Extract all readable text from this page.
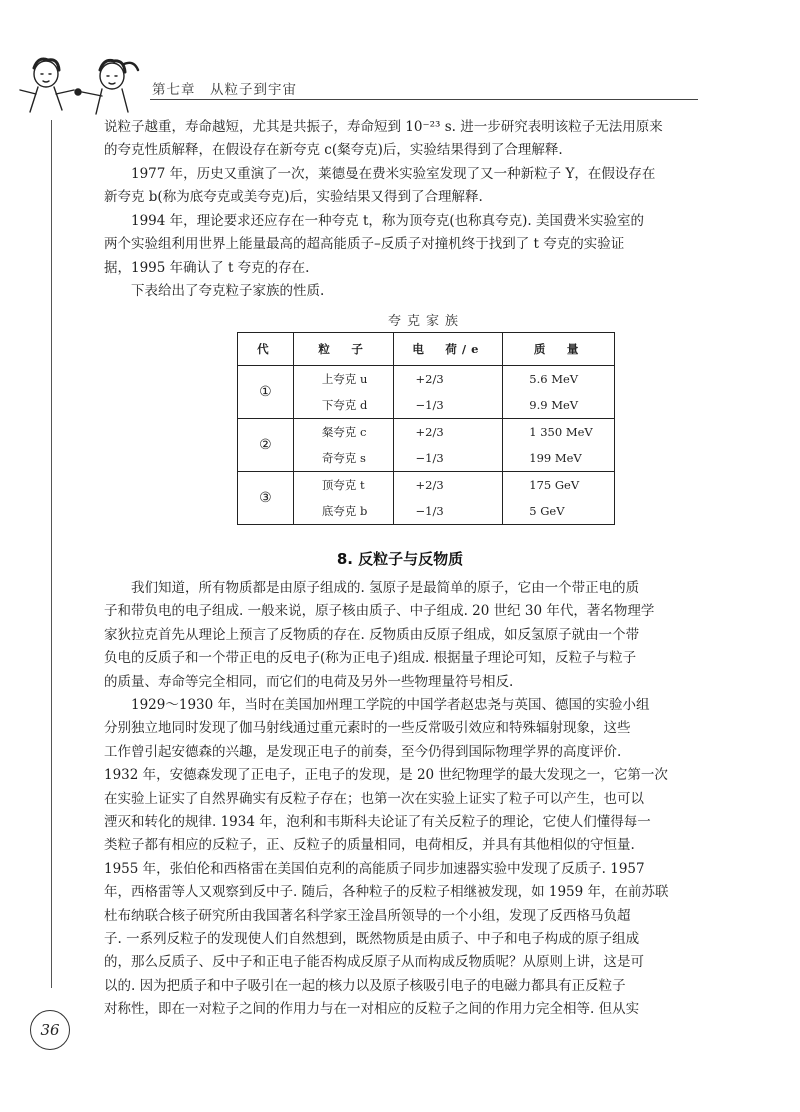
第七章　从粒子到宇宙

说粒子越重，寿命越短，尤其是共振子，寿命短到 10⁻²³ s. 进一步研究表明该粒子无法用原来
的夸克性质解释，在假设存在新夸克 c(粲夸克)后，实验结果得到了合理解释.

1977 年，历史又重演了一次，莱德曼在费米实验室发现了又一种新粒子 Υ，在假设存在
新夸克 b(称为底夸克或美夸克)后，实验结果又得到了合理解释.

1994 年，理论要求还应存在一种夸克 t，称为顶夸克(也称真夸克). 美国费米实验室的
两个实验组利用世界上能量最高的超高能质子–反质子对撞机终于找到了 t 夸克的实验证
据，1995 年确认了 t 夸克的存在.

下表给出了夸克粒子家族的性质.

夸克家族
代	粒　子	电　荷/e	质　量
①	上夸克 u	+2/3	5.6 MeV
	下夸克 d	−1/3	9.9 MeV
②	粲夸克 c	+2/3	1 350 MeV
	奇夸克 s	−1/3	199 MeV
③	顶夸克 t	+2/3	175 GeV
	底夸克 b	−1/3	5 GeV
8. 反粒子与反物质

我们知道，所有物质都是由原子组成的. 氢原子是最简单的原子，它由一个带正电的质
子和带负电的电子组成. 一般来说，原子核由质子、中子组成. 20 世纪 30 年代，著名物理学
家狄拉克首先从理论上预言了反物质的存在. 反物质由反原子组成，如反氢原子就由一个带
负电的反质子和一个带正电的反电子(称为正电子)组成. 根据量子理论可知，反粒子与粒子
的质量、寿命等完全相同，而它们的电荷及另外一些物理量符号相反.

1929～1930 年，当时在美国加州理工学院的中国学者赵忠尧与英国、德国的实验小组
分别独立地同时发现了伽马射线通过重元素时的一些反常吸引效应和特殊辐射现象，这些
工作曾引起安德森的兴趣，是发现正电子的前奏，至今仍得到国际物理学界的高度评价.
1932 年，安德森发现了正电子，正电子的发现，是 20 世纪物理学的最大发现之一，它第一次
在实验上证实了自然界确实有反粒子存在；也第一次在实验上证实了粒子可以产生，也可以
湮灭和转化的规律. 1934 年，泡利和韦斯科夫论证了有关反粒子的理论，它使人们懂得每一
类粒子都有相应的反粒子，正、反粒子的质量相同，电荷相反，并具有其他相似的守恒量.
1955 年，张伯伦和西格雷在美国伯克利的高能质子同步加速器实验中发现了反质子. 1957
年，西格雷等人又观察到反中子. 随后，各种粒子的反粒子相继被发现，如 1959 年，在前苏联
杜布纳联合核子研究所由我国著名科学家王淦昌所领导的一个小组，发现了反西格马负超
子. 一系列反粒子的发现使人们自然想到，既然物质是由质子、中子和电子构成的原子组成
的，那么反质子、反中子和正电子能否构成反原子从而构成反物质呢？从原则上讲，这是可
以的. 因为把质子和中子吸引在一起的核力以及原子核吸引电子的电磁力都具有正反粒子
对称性，即在一对粒子之间的作用力与在一对相应的反粒子之间的作用力完全相等. 但从实

36
